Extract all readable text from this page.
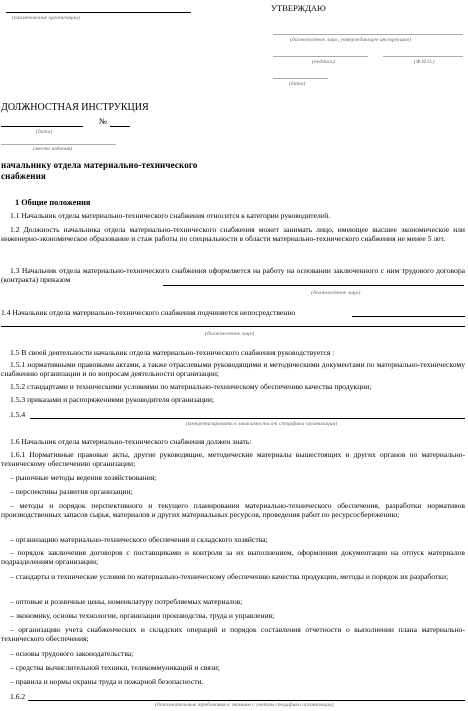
(наименование организации)
УТВЕРЖДАЮ
(должностное лицо, утверждающее инструкцию)
(подпись)	(Ф.И.О.)
(дата)
ДОЛЖНОСТНАЯ ИНСТРУКЦИЯ
№
(дата)
(место издания)
начальнику отдела материально-технического
снабжения
1 Общие положения
1.1 Начальник отдела материально-технического снабжения относится к категории руководителей.
1.2 Должность начальника отдела материально-технического снабжения может занимать лицо, имеющее высшее экономическое или инженерно-экономическое образование и стаж работы по специальности в области материально-технического снабжения не менее 5 лет.
1.3 Начальник отдела материально-технического снабжения оформляется на работу на основании заключенного с ним трудового договора (контракта) приказом
(должностное лицо)
1.4 Начальник отдела материально-технического снабжения подчиняется непосредственно
(должностное лицо)
1.5 В своей деятельности начальник отдела материально-технического снабжения руководствуется :
1.5.1 нормативными правовыми актами, а также отраслевыми руководящими и методическими документами по материально-техническому снабжению организации и по вопросам деятельности организации;
1.5.2 стандартами и техническими условиями по материально-техническому обеспечению качества продукции;
1.5.3 приказами и распоряжениями руководителя организации;
1.5.4
(конкретизировать в зависимости от специфики организации)
1.6 Начальник отдела материально-технического снабжения должен знать:
1.6.1 Нормативные правовые акты, другие руководящие, методические материалы вышестоящих и других органов по материально-техническому обеспечению организации;
– рыночные методы ведения хозяйствования;
– перспективы развития организации;
– методы и порядок перспективного и текущего планирования материально-технического обеспечения, разработки нормативов производственных запасов сырья, материалов и других материальных ресурсов, проведения работ по ресурсосбережению;
– организацию материально-технического обеспечения и складского хозяйства;
– порядок заключения договоров с поставщиками и контроля за их выполнением, оформления документации на отпуск материалов подразделениям организации;
– стандарты и технические условия по материально-техническому обеспечению качества продукции, методы и порядок их разработки;
– оптовые и розничные цены, номенклатуру потребляемых материалов;
– экономику, основы технологии, организации производства, труда и управления;
– организацию учета снабженческих и складских операций и порядок составления отчетности о выполнении плана материально-технического обеспечения;
– основы трудового законодательства;
– средства вычислительной техники, телекоммуникаций и связи;
– правила и нормы охраны труда и пожарной безопасности.
1.6.2
(дополнительные требования к знаниям с учетом специфики организации)
